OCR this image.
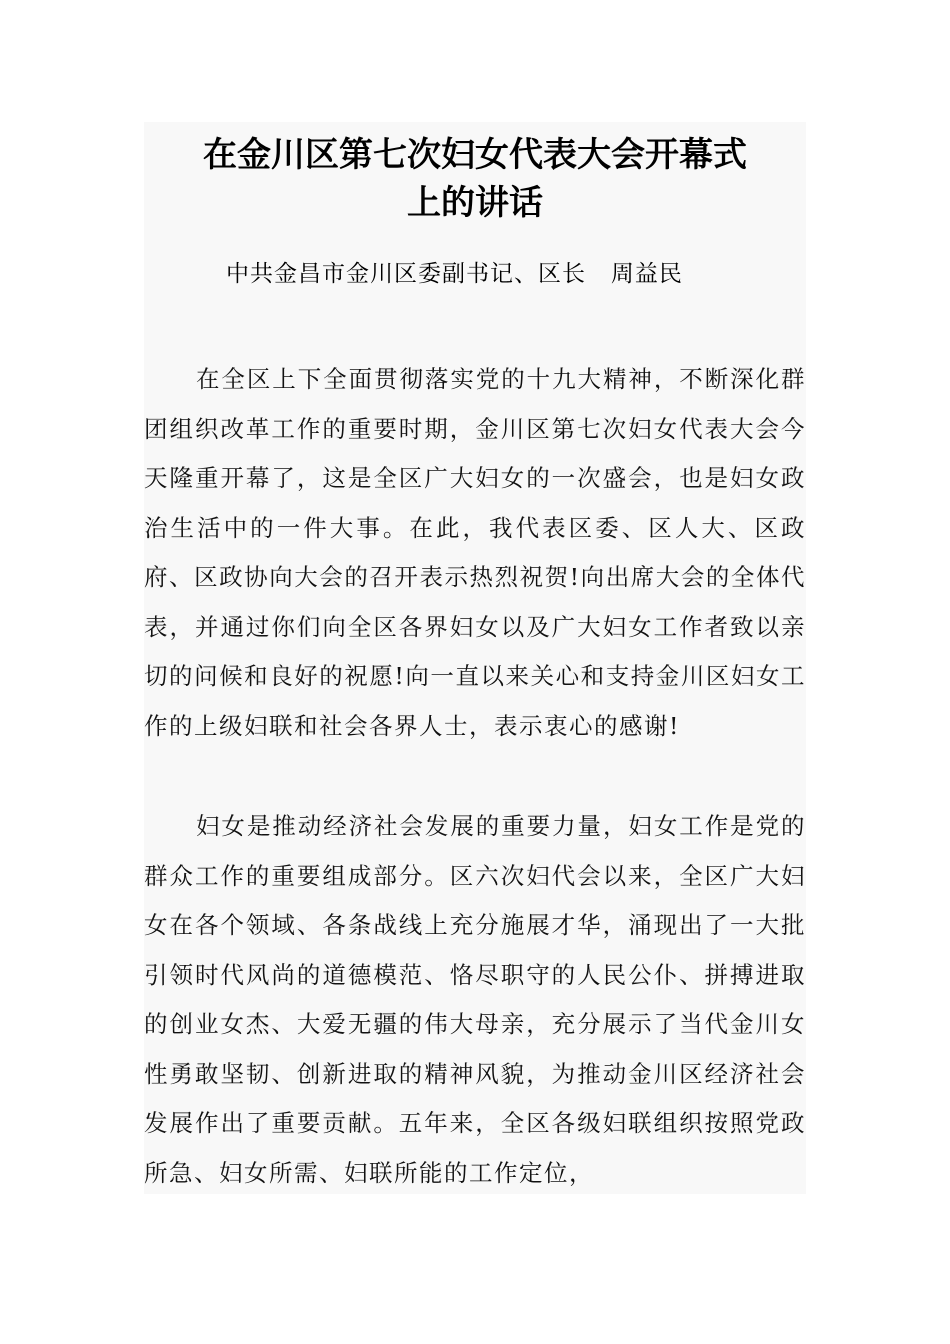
在金川区第七次妇女代表大会开幕式
上的讲话
中共金昌市金川区委副书记、区长   周益民

在全区上下全面贯彻落实党的十九大精神，不断深化群团组织改革工作的重要时期，金川区第七次妇女代表大会今天隆重开幕了，这是全区广大妇女的一次盛会，也是妇女政治生活中的一件大事。在此，我代表区委、区人大、区政府、区政协向大会的召开表示热烈祝贺!向出席大会的全体代表，并通过你们向全区各界妇女以及广大妇女工作者致以亲切的问候和良好的祝愿!向一直以来关心和支持金川区妇女工作的上级妇联和社会各界人士，表示衷心的感谢!

妇女是推动经济社会发展的重要力量，妇女工作是党的群众工作的重要组成部分。区六次妇代会以来，全区广大妇女在各个领域、各条战线上充分施展才华，涌现出了一大批引领时代风尚的道德模范、恪尽职守的人民公仆、拼搏进取的创业女杰、大爱无疆的伟大母亲，充分展示了当代金川女性勇敢坚韧、创新进取的精神风貌，为推动金川区经济社会发展作出了重要贡献。五年来，全区各级妇联组织按照党政所急、妇女所需、妇联所能的工作定位，
